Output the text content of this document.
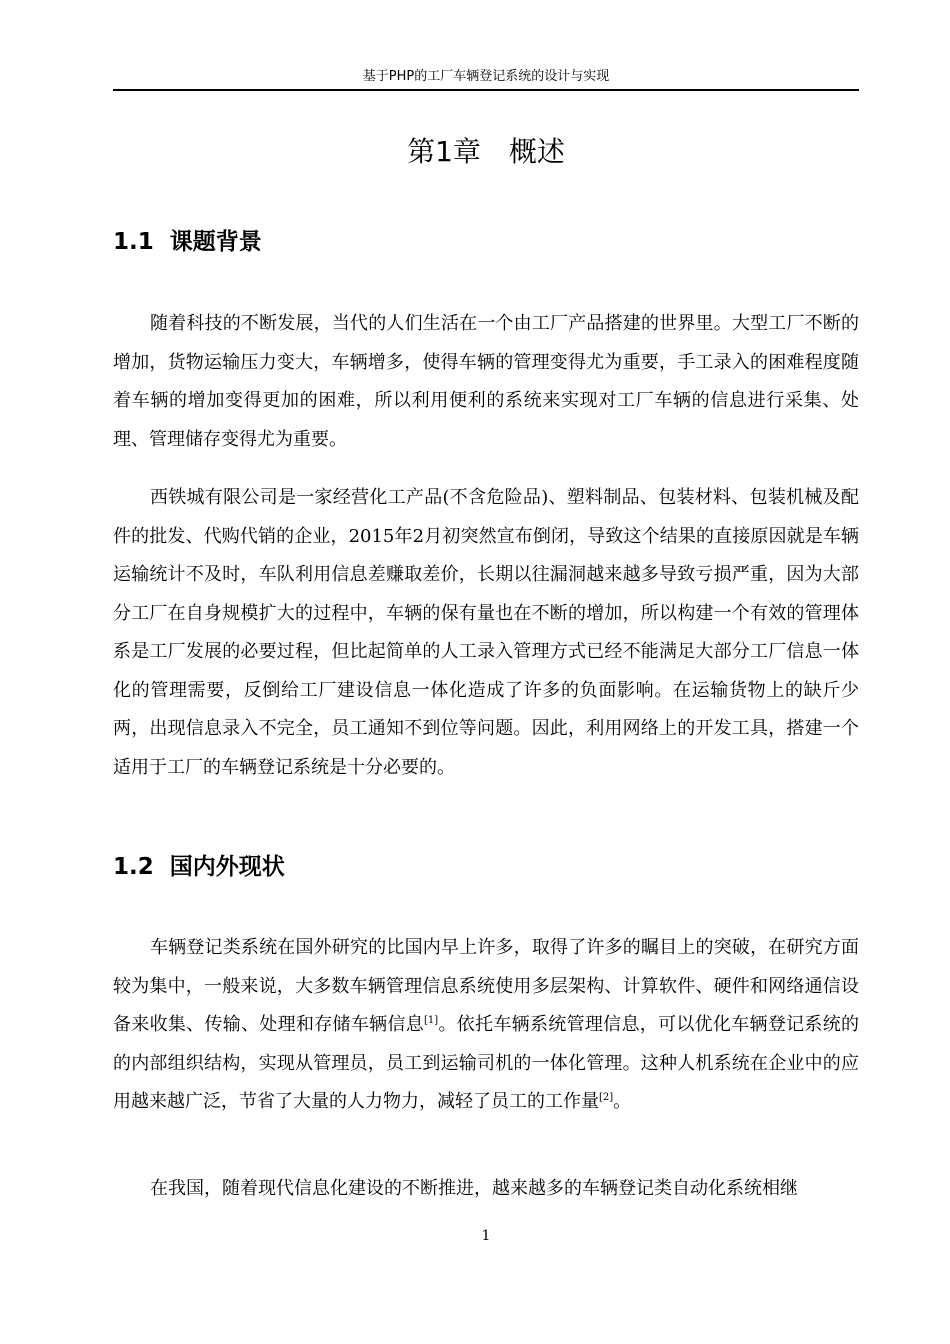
基于PHP的工厂车辆登记系统的设计与实现
第1章　概述
1.1  课题背景

随着科技的不断发展，当代的人们生活在一个由工厂产品搭建的世界里。大型工厂不断的增加，货物运输压力变大，车辆增多，使得车辆的管理变得尤为重要，手工录入的困难程度随着车辆的增加变得更加的困难，所以利用便利的系统来实现对工厂车辆的信息进行采集、处理、管理储存变得尤为重要。

西铁城有限公司是一家经营化工产品(不含危险品)、塑料制品、包装材料、包装机械及配件的批发、代购代销的企业，2015年2月初突然宣布倒闭，导致这个结果的直接原因就是车辆运输统计不及时，车队利用信息差赚取差价，长期以往漏洞越来越多导致亏损严重，因为大部分工厂在自身规模扩大的过程中，车辆的保有量也在不断的增加，所以构建一个有效的管理体系是工厂发展的必要过程，但比起简单的人工录入管理方式已经不能满足大部分工厂信息一体化的管理需要，反倒给工厂建设信息一体化造成了许多的负面影响。在运输货物上的缺斤少两，出现信息录入不完全，员工通知不到位等问题。因此，利用网络上的开发工具，搭建一个适用于工厂的车辆登记系统是十分必要的。

1.2  国内外现状

车辆登记类系统在国外研究的比国内早上许多，取得了许多的瞩目上的突破，在研究方面较为集中，一般来说，大多数车辆管理信息系统使用多层架构、计算软件、硬件和网络通信设备来收集、传输、处理和存储车辆信息[1]。依托车辆系统管理信息，可以优化车辆登记系统的的内部组织结构，实现从管理员，员工到运输司机的一体化管理。这种人机系统在企业中的应用越来越广泛，节省了大量的人力物力，减轻了员工的工作量[2]。

在我国，随着现代信息化建设的不断推进，越来越多的车辆登记类自动化系统相继

1
